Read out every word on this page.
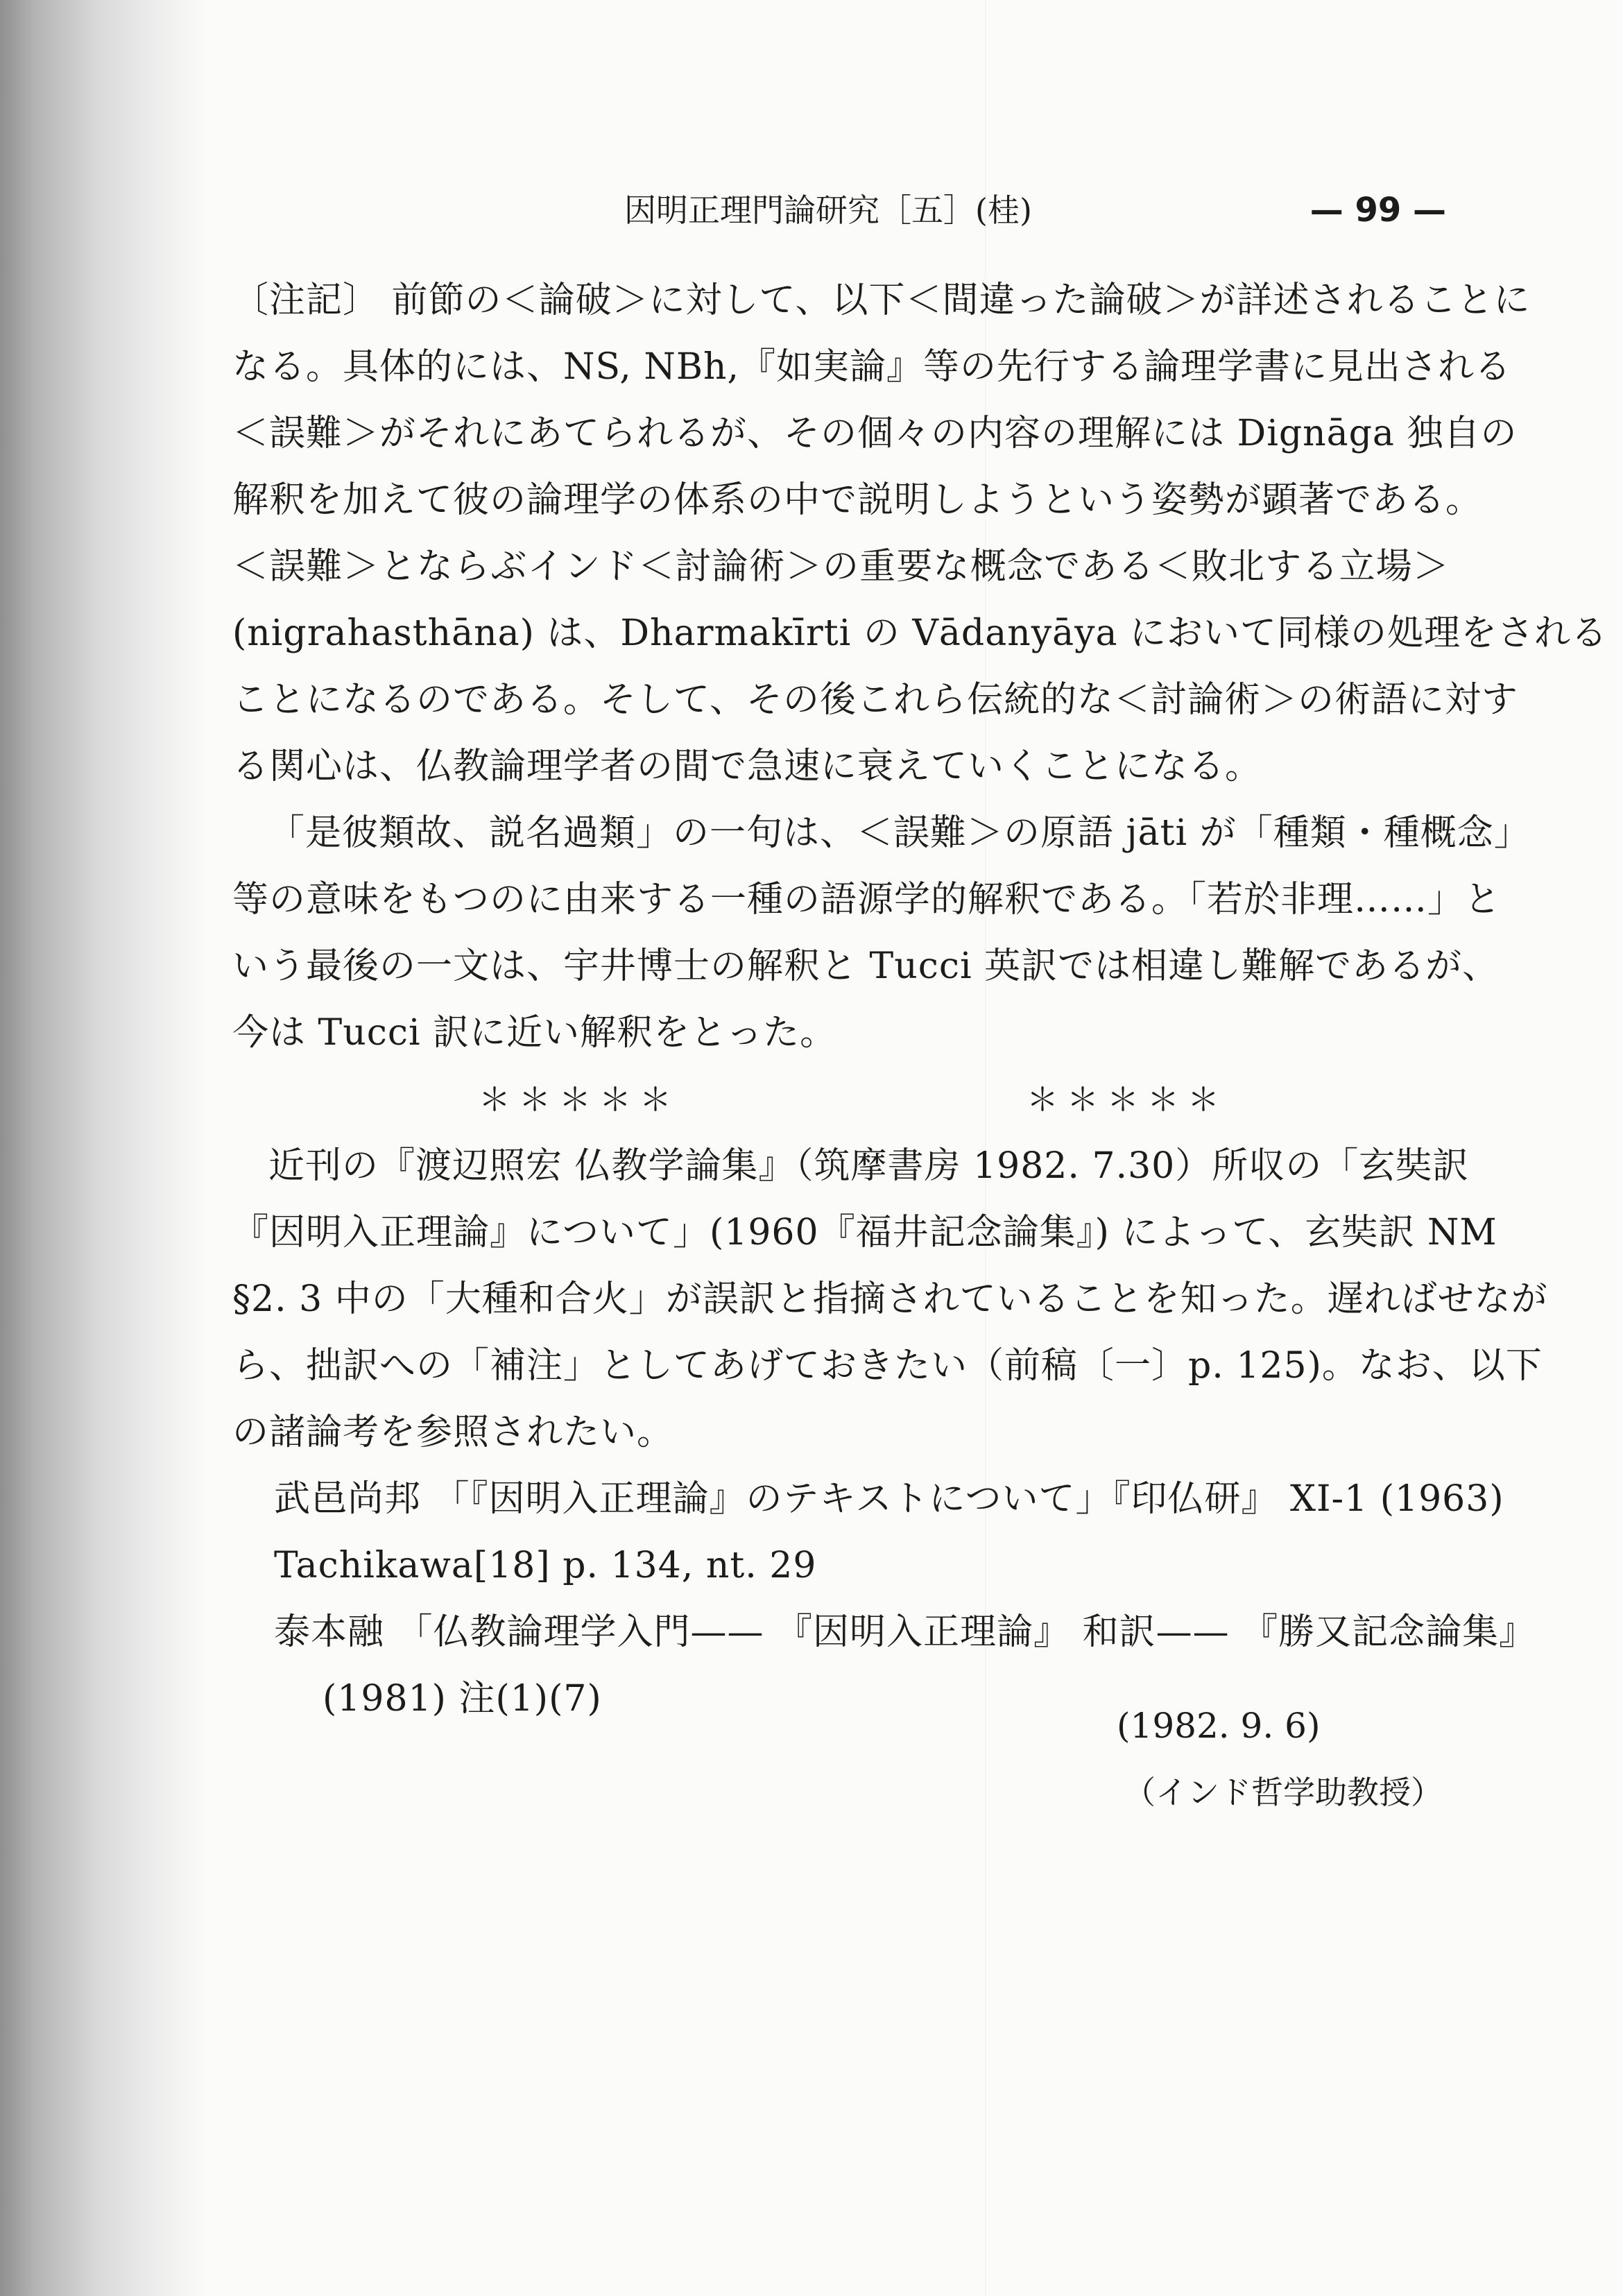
因明正理門論研究［五］(桂)	— 99 —

〔注記〕 前節の＜論破＞に対して、以下＜間違った論破＞が詳述されることに

なる。具体的には、NS, NBh,『如実論』等の先行する論理学書に見出される

＜誤難＞がそれにあてられるが、その個々の内容の理解には Dignāga 独自の

解釈を加えて彼の論理学の体系の中で説明しようという姿勢が顕著である。

＜誤難＞とならぶインド＜討論術＞の重要な概念である＜敗北する立場＞

(nigrahasthāna) は、Dharmakīrti の Vādanyāya において同様の処理をされる

ことになるのである。そして、その後これら伝統的な＜討論術＞の術語に対す

る関心は、仏教論理学者の間で急速に衰えていくことになる。

「是彼類故、説名過類」の一句は、＜誤難＞の原語 jāti が「種類・種概念」

等の意味をもつのに由来する一種の語源学的解釈である。「若於非理……」と

いう最後の一文は、宇井博士の解釈と Tucci 英訳では相違し難解であるが、

今は Tucci 訳に近い解釈をとった。

＊＊＊＊＊	＊＊＊＊＊

近刊の『渡辺照宏 仏教学論集』（筑摩書房 1982. 7.30）所収の「玄奘訳

『因明入正理論』について」(1960『福井記念論集』) によって、玄奘訳 NM

§2. 3 中の「大種和合火」が誤訳と指摘されていることを知った。遅ればせなが

ら、拙訳への「補注」としてあげておきたい（前稿〔一〕p. 125)。なお、以下

の諸論考を参照されたい。

武邑尚邦 「『因明入正理論』のテキストについて」『印仏研』 XI-1 (1963)

Tachikawa[18] p. 134, nt. 29

泰本融 「仏教論理学入門—— 『因明入正理論』 和訳—— 『勝又記念論集』

(1981) 注(1)(7)

(1982. 9. 6)
（インド哲学助教授）
